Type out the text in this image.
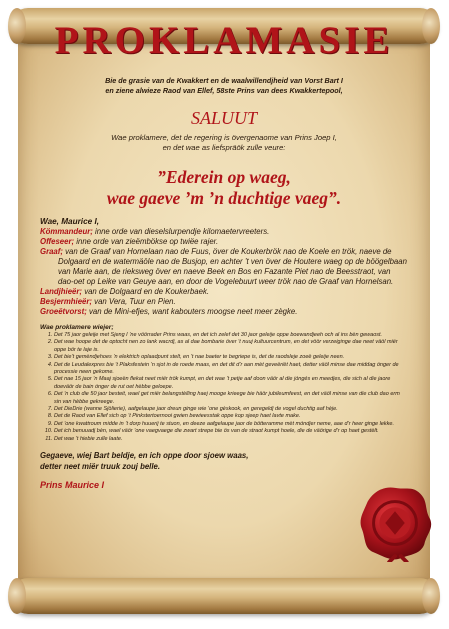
PROKLAMASIE
Bie de grasie van de Kwakkert en de waalwillendjheid van Vorst Bart I
en ziene alwieze Raod van Ellef, 58ste Prins van dees Kwakkertepool,
SALUUT
Wae proklamere, det de regering is övergenaome van Prins Joep I,
en det wae as liefspräök zulle veure:
”Ederein op waeg,
wae gaeve ’m ’n duchtige vaeg”.
Wae, Maurice I,
Kömmandeur; inne orde van dieselslurpendje kilomaetervreeters.
Offeseer; inne orde van zieëmbökse op twiëe rajer.
Graaf; van de Graaf van Hornelaan nao de Fuus, över de Koukerbrök nao de Koele en trök, naeve de Dolgaard en de watermäöle nao de Busjop, en achter ’t ven över de Houtere waeg op de böögelbaan van Marie aan, de rieksweg över en naeve Beek en Bos en Fazante Piet nao de Beesstraot, van dao-oet op Leike van Geuye aan, en door de Vogelebuurt weer trök nao de Graaf van Hornelsan.
Landjhieër; van de Dolgaard en de Koukerbaek.
Besjermhieër; van Vera, Tuur en Pien.
Groeëtvorst; van de Mini-efjes, want kabouters moogse neet meer zègke.
Wae proklamere wiejer;
1. Det 75 jaor geleije met Sjeng I ’ne vöörrader Prins waas, en det ich zelef det 30 jaor geleije oppe boewandjeeh och al ins bèn gewaost.
2. Det wae hoope det de optocht nen zo lank wacrdj, as al dae bombarie över ’t nuuj kultuurcentrum, en det vöör verzeiginge dae neet väöl miër oppe bör te laje is.
3. Det bie’t gemèndjehoes ’n elektrich oplaadpunt stelt, en ’t nae baeter te begriepe is, det de raodsleje zoeë geleije neen.
4. Det de Leudalexpres bie ’t Plaksfestein ’n sjot in de roede maas, en det dit d’r aan mèt geveëriët haet, detter väöl minse dae middag ónger de processie neen gekome.
5. Det nae 15 jaor ’n Maaj sjoeën flekat neet miër trök kumpt, en det wae ’t petje aaf doon väör al die jóngés en meedjes, die sich al die jaore doeväör de bain ónger de rut oet hèbbe geloepe.
6. Det ’n club die 50 jaor besteit, wael get miër belangstèlling haej mooge krieege bie häör jubileumfeest, en det väöl minse van die club dao erm sin van hèbbe gekreege.
7. Det DieDrie (wanne Sjölierie), aafgelaupe jaor dreun ginge wie ’one gèskook, en geregeldj de vogel duchtig aaf hèje.
8. Det de Raod van Ellef sich op ’t Pinkstertoernooi gwien bewieesstak oppe kop sjeep haet lavte make.
9. Det ’one kwattroum midde in ’t dorp huuerij te stuon, en deeze aafgelaupe jaor de bötteramme mèt móndjer neme, aae d’r heer ginge lekke.
10. Det ich benuuadj bèn, wael väör ’one vaegvaege die zwart strepe bie ös van de straot kumpt hoele, die de väörige d’r op haet gestèlt.
11. Det wae ’t hiebie zulle laate.
Gegaeve, wiej Bart beldje, en ich oppe door sjoew waas,
detter neet miër truuk zouj belle.
Prins Maurice I
